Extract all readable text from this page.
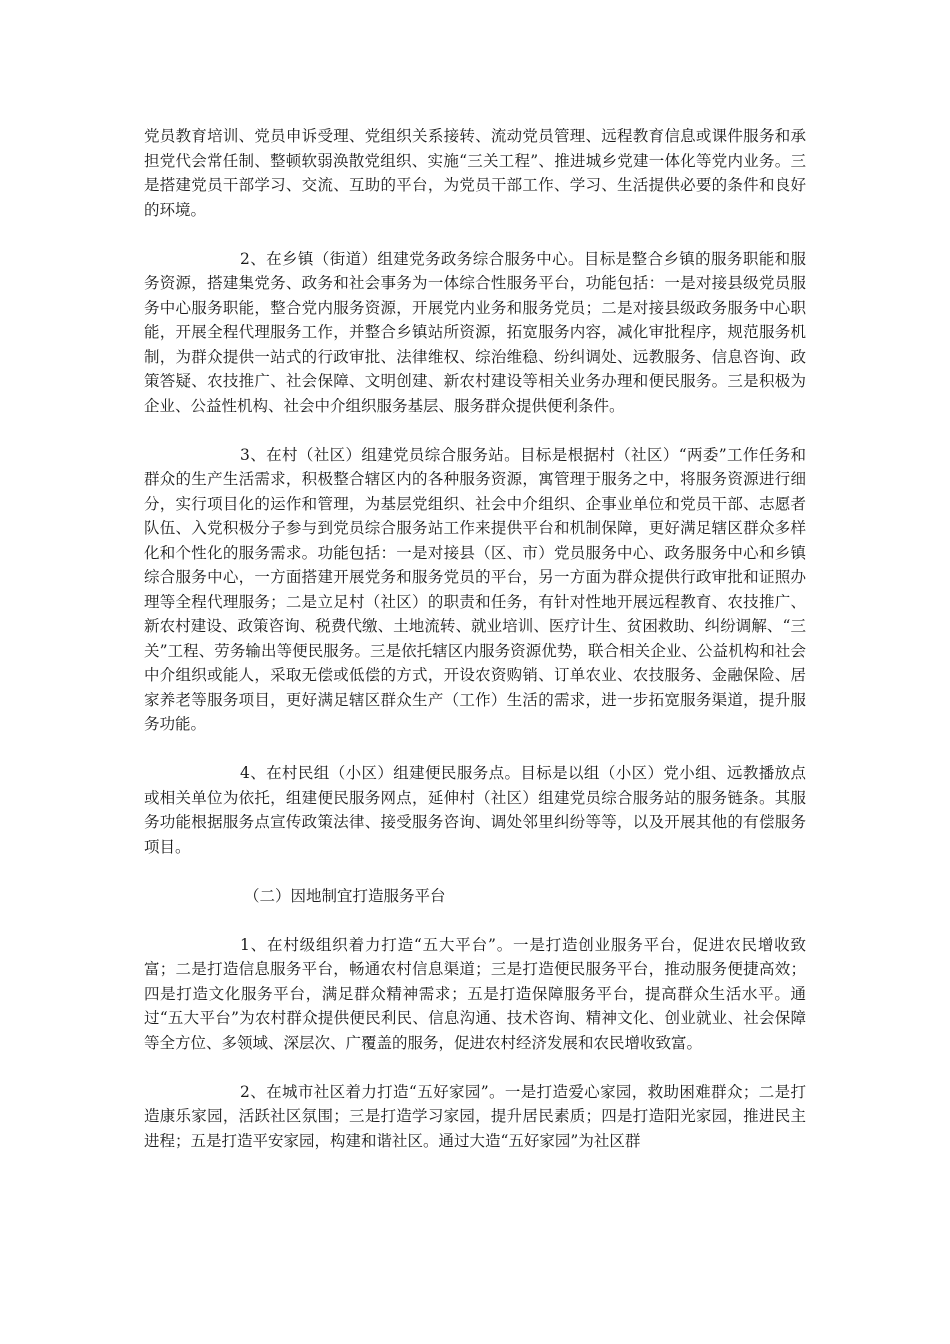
党员教育培训、党员申诉受理、党组织关系接转、流动党员管理、远程教育信息或课件服务和承担党代会常任制、整顿软弱涣散党组织、实施“三关工程”、推进城乡党建一体化等党内业务。三是搭建党员干部学习、交流、互助的平台，为党员干部工作、学习、生活提供必要的条件和良好的环境。

2、在乡镇（街道）组建党务政务综合服务中心。目标是整合乡镇的服务职能和服务资源，搭建集党务、政务和社会事务为一体综合性服务平台，功能包括：一是对接县级党员服务中心服务职能，整合党内服务资源，开展党内业务和服务党员；二是对接县级政务服务中心职能，开展全程代理服务工作，并整合乡镇站所资源，拓宽服务内容，减化审批程序，规范服务机制，为群众提供一站式的行政审批、法律维权、综治维稳、纷纠调处、远教服务、信息咨询、政策答疑、农技推广、社会保障、文明创建、新农村建设等相关业务办理和便民服务。三是积极为企业、公益性机构、社会中介组织服务基层、服务群众提供便利条件。

3、在村（社区）组建党员综合服务站。目标是根据村（社区）“两委”工作任务和群众的生产生活需求，积极整合辖区内的各种服务资源，寓管理于服务之中，将服务资源进行细分，实行项目化的运作和管理，为基层党组织、社会中介组织、企事业单位和党员干部、志愿者队伍、入党积极分子参与到党员综合服务站工作来提供平台和机制保障，更好满足辖区群众多样化和个性化的服务需求。功能包括：一是对接县（区、市）党员服务中心、政务服务中心和乡镇综合服务中心，一方面搭建开展党务和服务党员的平台，另一方面为群众提供行政审批和证照办理等全程代理服务；二是立足村（社区）的职责和任务，有针对性地开展远程教育、农技推广、新农村建设、政策咨询、税费代缴、土地流转、就业培训、医疗计生、贫困救助、纠纷调解、“三关”工程、劳务输出等便民服务。三是依托辖区内服务资源优势，联合相关企业、公益机构和社会中介组织或能人，采取无偿或低偿的方式，开设农资购销、订单农业、农技服务、金融保险、居家养老等服务项目，更好满足辖区群众生产（工作）生活的需求，进一步拓宽服务渠道，提升服务功能。

4、在村民组（小区）组建便民服务点。目标是以组（小区）党小组、远教播放点或相关单位为依托，组建便民服务网点，延伸村（社区）组建党员综合服务站的服务链条。其服务功能根据服务点宣传政策法律、接受服务咨询、调处邻里纠纷等等，以及开展其他的有偿服务项目。

（二）因地制宜打造服务平台

1、在村级组织着力打造“五大平台”。一是打造创业服务平台，促进农民增收致富；二是打造信息服务平台，畅通农村信息渠道；三是打造便民服务平台，推动服务便捷高效；四是打造文化服务平台，满足群众精神需求；五是打造保障服务平台，提高群众生活水平。通过“五大平台”为农村群众提供便民利民、信息沟通、技术咨询、精神文化、创业就业、社会保障等全方位、多领域、深层次、广覆盖的服务，促进农村经济发展和农民增收致富。

2、在城市社区着力打造“五好家园”。一是打造爱心家园，救助困难群众；二是打造康乐家园，活跃社区氛围；三是打造学习家园，提升居民素质；四是打造阳光家园，推进民主进程；五是打造平安家园，构建和谐社区。通过大造“五好家园”为社区群
